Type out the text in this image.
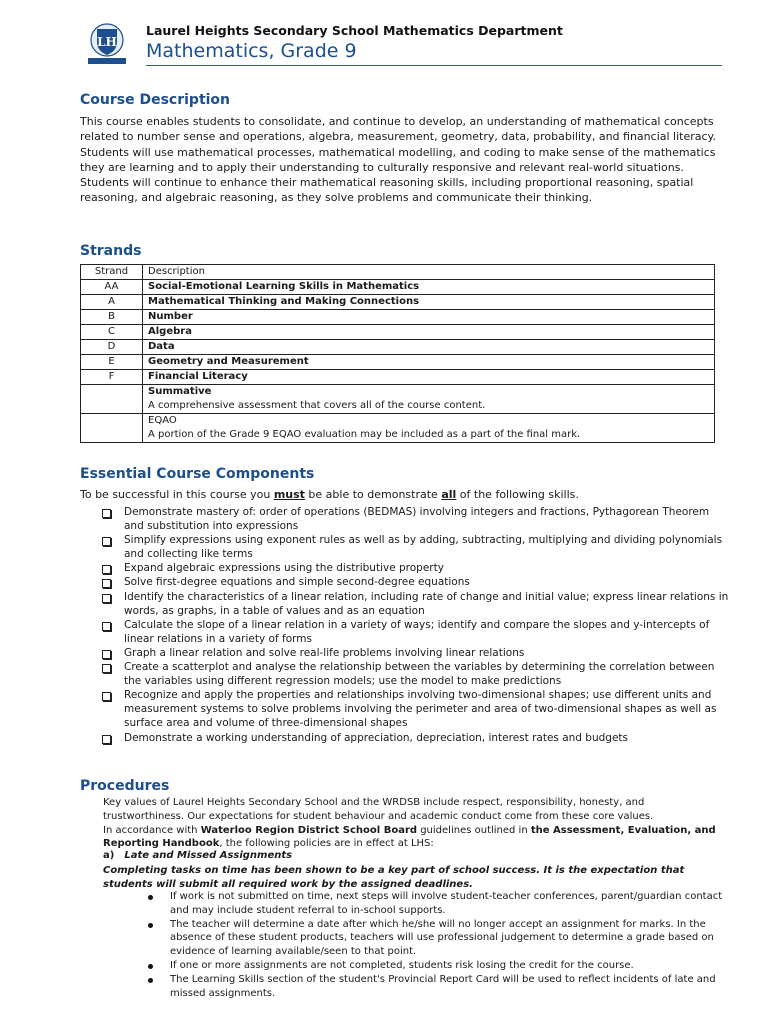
LH
Laurel Heights Secondary School Mathematics Department
Mathematics, Grade 9
Course Description

This course enables students to consolidate, and continue to develop, an understanding of mathematical concepts related to number sense and operations, algebra, measurement, geometry, data, probability, and financial literacy. Students will use mathematical processes, mathematical modelling, and coding to make sense of the mathematics they are learning and to apply their understanding to culturally responsive and relevant real-world situations. Students will continue to enhance their mathematical reasoning skills, including proportional reasoning, spatial reasoning, and algebraic reasoning, as they solve problems and communicate their thinking.

Strands
Strand	Description
AA	Social-Emotional Learning Skills in Mathematics
A	Mathematical Thinking and Making Connections
B	Number
C	Algebra
D	Data
E	Geometry and Measurement
F	Financial Literacy
	Summative
A comprehensive assessment that covers all of the course content.
	EQAO
A portion of the Grade 9 EQAO evaluation may be included as a part of the final mark.
Essential Course Components
To be successful in this course you must be able to demonstrate all of the following skills.
Demonstrate mastery of: order of operations (BEDMAS) involving integers and fractions, Pythagorean Theorem and substitution into expressions
Simplify expressions using exponent rules as well as by adding, subtracting, multiplying and dividing polynomials and collecting like terms
Expand algebraic expressions using the distributive property
Solve first-degree equations and simple second-degree equations
Identify the characteristics of a linear relation, including rate of change and initial value; express linear relations in words, as graphs, in a table of values and as an equation
Calculate the slope of a linear relation in a variety of ways; identify and compare the slopes and y-intercepts of linear relations in a variety of forms
Graph a linear relation and solve real-life problems involving linear relations
Create a scatterplot and analyse the relationship between the variables by determining the correlation between the variables using different regression models; use the model to make predictions
Recognize and apply the properties and relationships involving two-dimensional shapes; use different units and measurement systems to solve problems involving the perimeter and area of two-dimensional shapes as well as surface area and volume of three-dimensional shapes
Demonstrate a working understanding of appreciation, depreciation, interest rates and budgets
Procedures
Key values of Laurel Heights Secondary School and the WRDSB include respect, responsibility, honesty, and trustworthiness. Our expectations for student behaviour and academic conduct come from these core values.
In accordance with Waterloo Region District School Board guidelines outlined in the Assessment, Evaluation, and Reporting Handbook, the following policies are in effect at LHS:
a) Late and Missed Assignments

Completing tasks on time has been shown to be a key part of school success. It is the expectation that students will submit all required work by the assigned deadlines.

If work is not submitted on time, next steps will involve student-teacher conferences, parent/guardian contact and may include student referral to in-school supports.
The teacher will determine a date after which he/she will no longer accept an assignment for marks. In the absence of these student products, teachers will use professional judgement to determine a grade based on evidence of learning available/seen to that point.
If one or more assignments are not completed, students risk losing the credit for the course.
The Learning Skills section of the student's Provincial Report Card will be used to reflect incidents of late and missed assignments.
